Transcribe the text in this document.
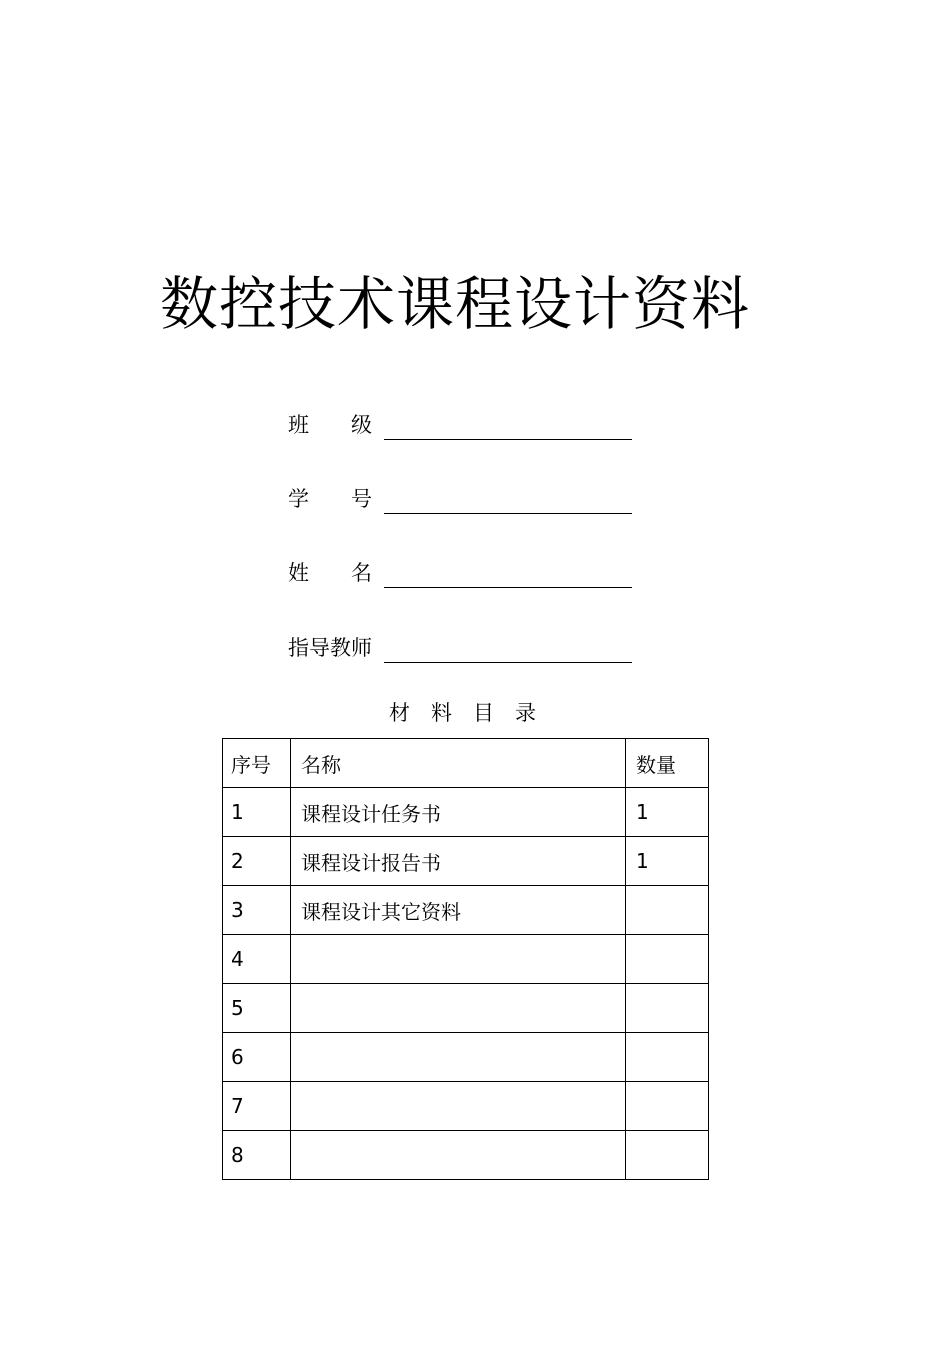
数控技术课程设计资料
班　　级
学　　号
姓　　名
指导教师
材　料　目　录
序号	名称	数量
1	课程设计任务书	1
2	课程设计报告书	1
3	课程设计其它资料	
4		
5		
6		
7		
8		
